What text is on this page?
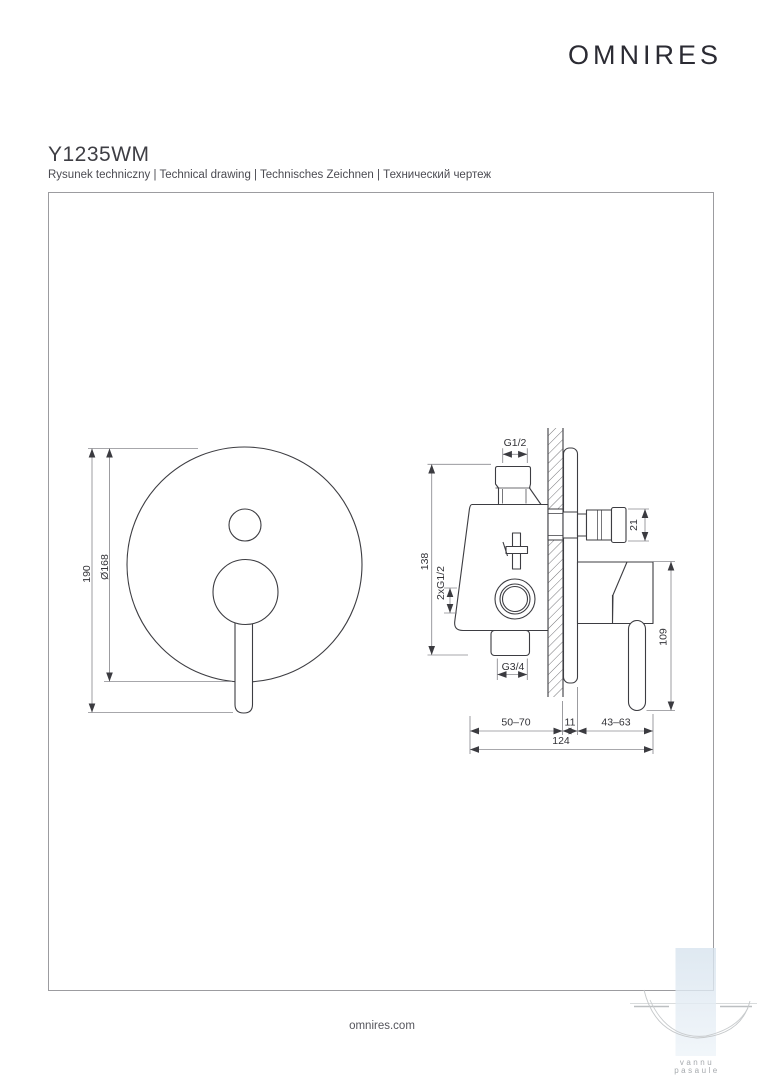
OMNIRES
Y1235WM
Rysunek techniczny | Technical drawing | Technisches Zeichnen | Технический чертеж
190 Ø168
G1/2
138
2xG1/2
G3/4
21
109
50–70	11 43–63
124
vannu
pasaule
omnires.com
